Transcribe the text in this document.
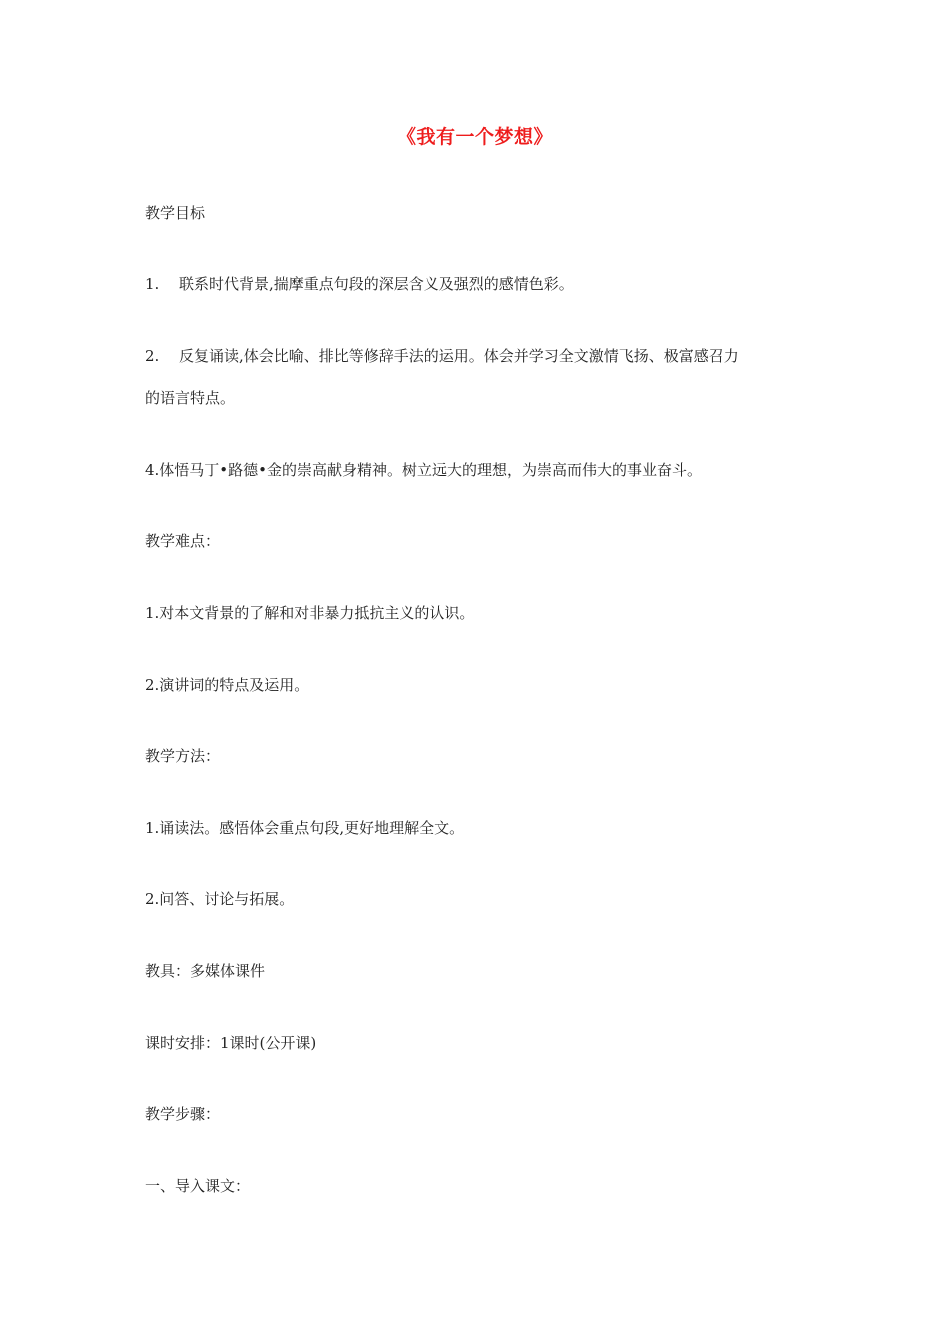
《我有一个梦想》
教学目标
1. 联系时代背景,揣摩重点句段的深层含义及强烈的感情色彩。
2. 反复诵读,体会比喻、排比等修辞手法的运用。体会并学习全文激情飞扬、极富感召力
的语言特点。
4.体悟马丁•路德•金的崇高献身精神。树立远大的理想，为崇高而伟大的事业奋斗。
教学难点：
1.对本文背景的了解和对非暴力抵抗主义的认识。
2.演讲词的特点及运用。
教学方法：
1.诵读法。感悟体会重点句段,更好地理解全文。
2.问答、讨论与拓展。
教具：多媒体课件
课时安排：1课时(公开课)
教学步骤：
一、导入课文：
